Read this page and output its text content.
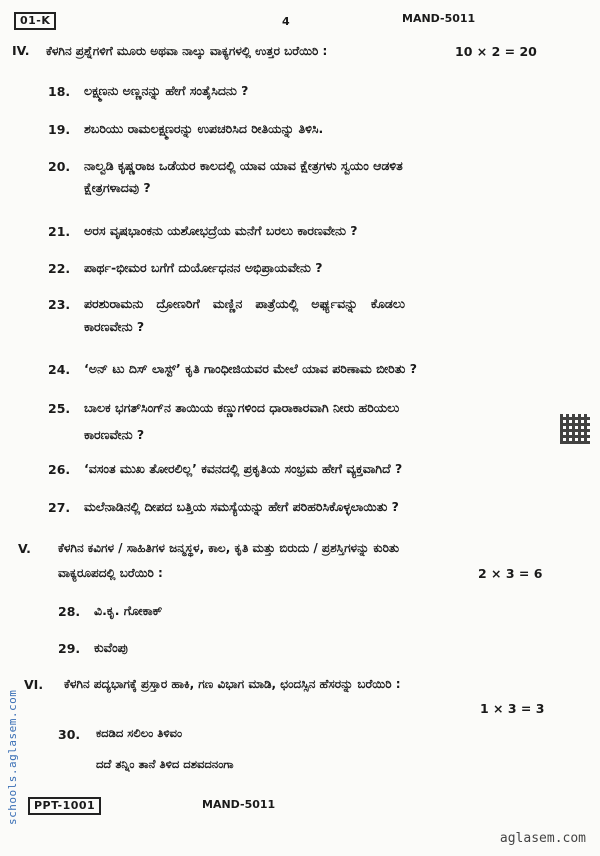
01-K	4	MAND-5011
IV. ಕೆಳಗಿನ ಪ್ರಶ್ನೆಗಳಿಗೆ ಮೂರು ಅಥವಾ ನಾಲ್ಕು ವಾಕ್ಯಗಳಲ್ಲಿ ಉತ್ತರ ಬರೆಯಿರಿ :	10 × 2 = 20
18. ಲಕ್ಷ್ಮಣನು ಅಣ್ಣನನ್ನು ಹೇಗೆ ಸಂತೈಸಿದನು ?
19. ಶಬರಿಯು ರಾಮಲಕ್ಷ್ಮಣರನ್ನು ಉಪಚರಿಸಿದ ರೀತಿಯನ್ನು ತಿಳಿಸಿ.
20. ನಾಲ್ವಡಿ ಕೃಷ್ಣರಾಜ ಒಡೆಯರ ಕಾಲದಲ್ಲಿ ಯಾವ ಯಾವ ಕ್ಷೇತ್ರಗಳು ಸ್ವಯಂ ಆಡಳಿತ
ಕ್ಷೇತ್ರಗಳಾದವು ?
21. ಅರಸ ವೃಷಭಾಂಕನು ಯಶೋಭದ್ರೆಯ ಮನೆಗೆ ಬರಲು ಕಾರಣವೇನು ?
22. ಪಾರ್ಥ-ಭೀಮರ ಬಗೆಗೆ ದುರ್ಯೋಧನನ ಅಭಿಪ್ರಾಯವೇನು ?
23. ಪರಶುರಾಮನು   ದ್ರೋಣರಿಗೆ   ಮಣ್ಣಿನ   ಪಾತ್ರೆಯಲ್ಲಿ   ಅರ್ಘ್ಯವನ್ನು   ಕೊಡಲು
ಕಾರಣವೇನು ?
24. ‘ಅನ್ ಟು ದಿಸ್ ಲಾಸ್ಟ್’ ಕೃತಿ ಗಾಂಧೀಜಿಯವರ ಮೇಲೆ ಯಾವ ಪರಿಣಾಮ ಬೀರಿತು ?
25. ಬಾಲಕ ಭಗತ್‌ಸಿಂಗ್‌ನ ತಾಯಿಯ ಕಣ್ಣುಗಳಿಂದ ಧಾರಾಕಾರವಾಗಿ ನೀರು ಹರಿಯಲು
ಕಾರಣವೇನು ?
26. ‘ವಸಂತ ಮುಖ ತೋರಲಿಲ್ಲ’ ಕವನದಲ್ಲಿ ಪ್ರಕೃತಿಯ ಸಂಭ್ರಮ ಹೇಗೆ ವ್ಯಕ್ತವಾಗಿದೆ ?
27. ಮಲೆನಾಡಿನಲ್ಲಿ ದೀಪದ ಬತ್ತಿಯ ಸಮಸ್ಯೆಯನ್ನು ಹೇಗೆ ಪರಿಹರಿಸಿಕೊಳ್ಳಲಾಯಿತು ?
V. ಕೆಳಗಿನ ಕವಿಗಳ / ಸಾಹಿತಿಗಳ ಜನ್ಮಸ್ಥಳ, ಕಾಲ, ಕೃತಿ ಮತ್ತು ಬಿರುದು / ಪ್ರಶಸ್ತಿಗಳನ್ನು ಕುರಿತು
ವಾಕ್ಯರೂಪದಲ್ಲಿ ಬರೆಯಿರಿ :	2 × 3 = 6
28. ವಿ.ಕೃ. ಗೋಕಾಕ್
29. ಕುವೆಂಪು
VI. ಕೆಳಗಿನ ಪದ್ಯಭಾಗಕ್ಕೆ ಪ್ರಸ್ತಾರ ಹಾಕಿ, ಗಣ ವಿಭಾಗ ಮಾಡಿ, ಛಂದಸ್ಸಿನ ಹೆಸರನ್ನು ಬರೆಯಿರಿ :
1 × 3 = 3
30. ಕದಡಿದ ಸಲಿಲಂ ತಿಳಿವಂ
ದದೆ ತನ್ನಿಂ ತಾನೆ ತಿಳಿದ ದಶವದನಂಗಾ
PPT-1001	MAND-5011
schools.aglasem.com
aglasem.com
